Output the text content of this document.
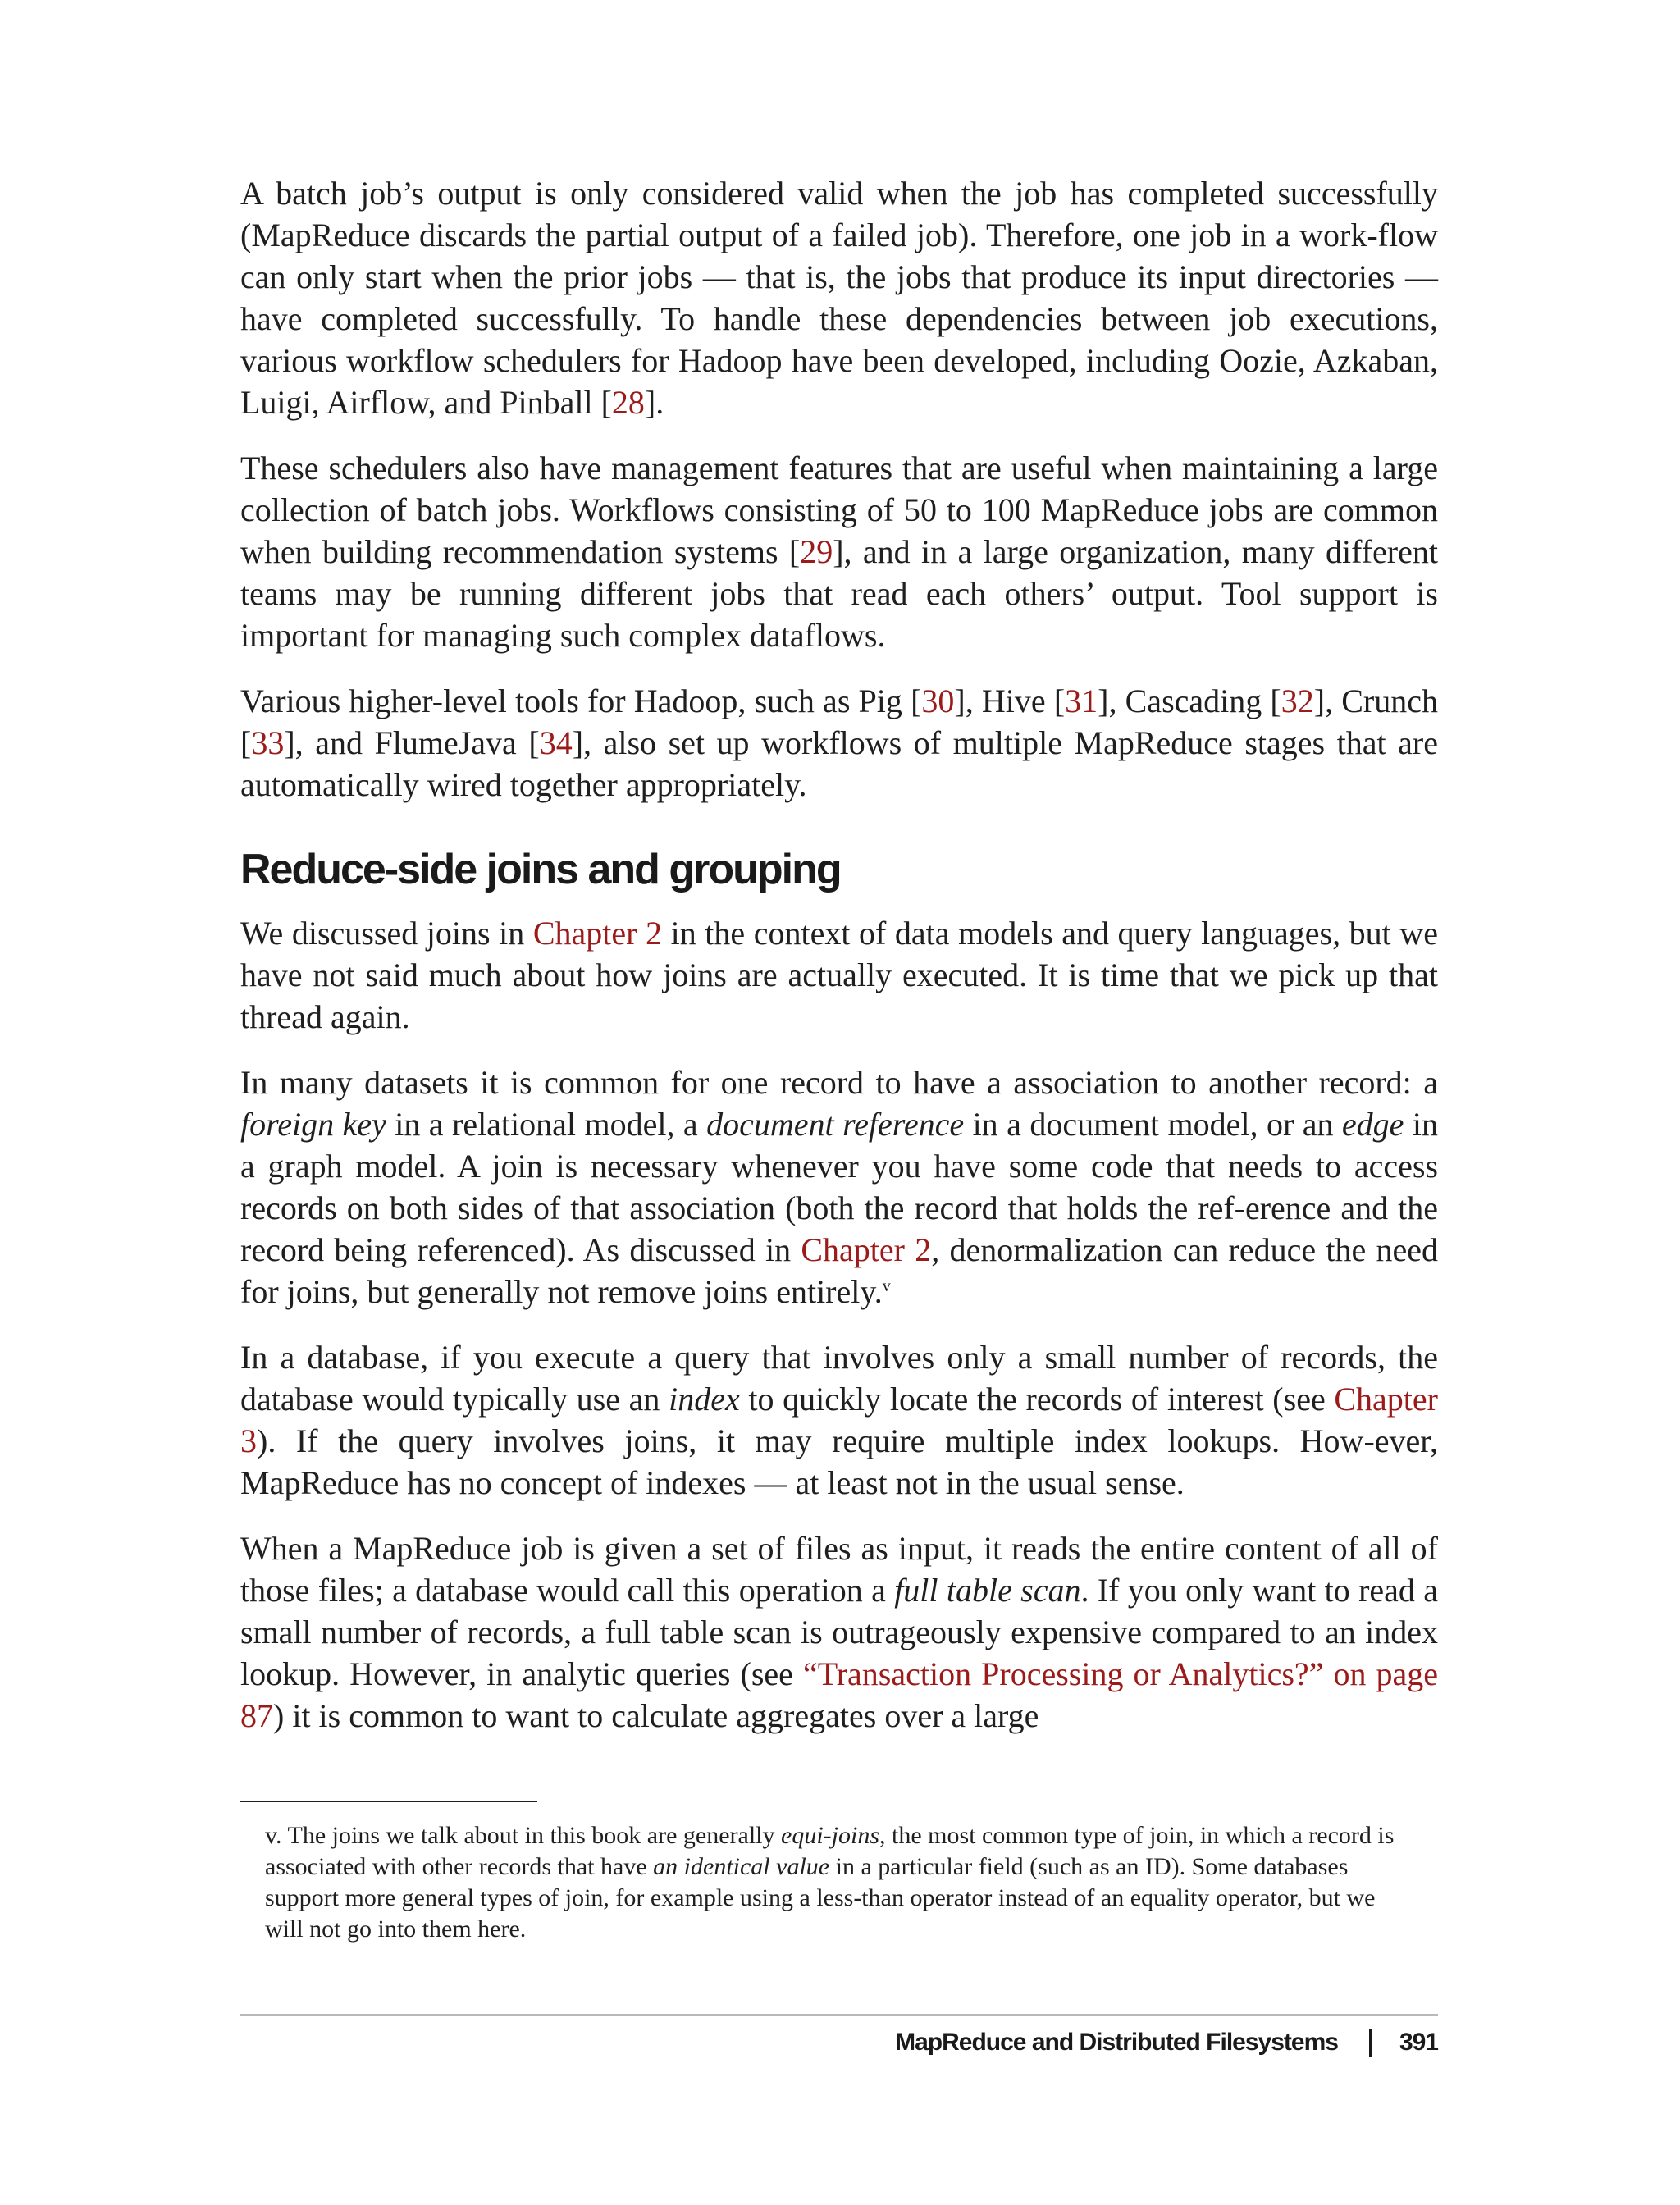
A batch job’s output is only considered valid when the job has completed successfully (MapReduce discards the partial output of a failed job). Therefore, one job in a work‐flow can only start when the prior jobs — that is, the jobs that produce its input directories — have completed successfully. To handle these dependencies between job executions, various workflow schedulers for Hadoop have been developed, including Oozie, Azkaban, Luigi, Airflow, and Pinball [28].

These schedulers also have management features that are useful when maintaining a large collection of batch jobs. Workflows consisting of 50 to 100 MapReduce jobs are common when building recommendation systems [29], and in a large organization, many different teams may be running different jobs that read each others’ output. Tool support is important for managing such complex dataflows.

Various higher-level tools for Hadoop, such as Pig [30], Hive [31], Cascading [32], Crunch [33], and FlumeJava [34], also set up workflows of multiple MapReduce stages that are automatically wired together appropriately.

Reduce-side joins and grouping

We discussed joins in Chapter 2 in the context of data models and query languages, but we have not said much about how joins are actually executed. It is time that we pick up that thread again.

In many datasets it is common for one record to have a association to another record: a foreign key in a relational model, a document reference in a document model, or an edge in a graph model. A join is necessary whenever you have some code that needs to access records on both sides of that association (both the record that holds the ref‐erence and the record being referenced). As discussed in Chapter 2, denormalization can reduce the need for joins, but generally not remove joins entirely.$^v$

In a database, if you execute a query that involves only a small number of records, the database would typically use an index to quickly locate the records of interest (see Chapter 3). If the query involves joins, it may require multiple index lookups. How‐ever, MapReduce has no concept of indexes — at least not in the usual sense.

When a MapReduce job is given a set of files as input, it reads the entire content of all of those files; a database would call this operation a full table scan. If you only want to read a small number of records, a full table scan is outrageously expensive compared to an index lookup. However, in analytic queries (see “Transaction Processing or Analytics?” on page 87) it is common to want to calculate aggregates over a large

v. The joins we talk about in this book are generally equi-joins, the most common type of join, in which a record is associated with other records that have an identical value in a particular field (such as an ID). Some databases support more general types of join, for example using a less-than operator instead of an equality operator, but we will not go into them here.

MapReduce and Distributed Filesystems	391
